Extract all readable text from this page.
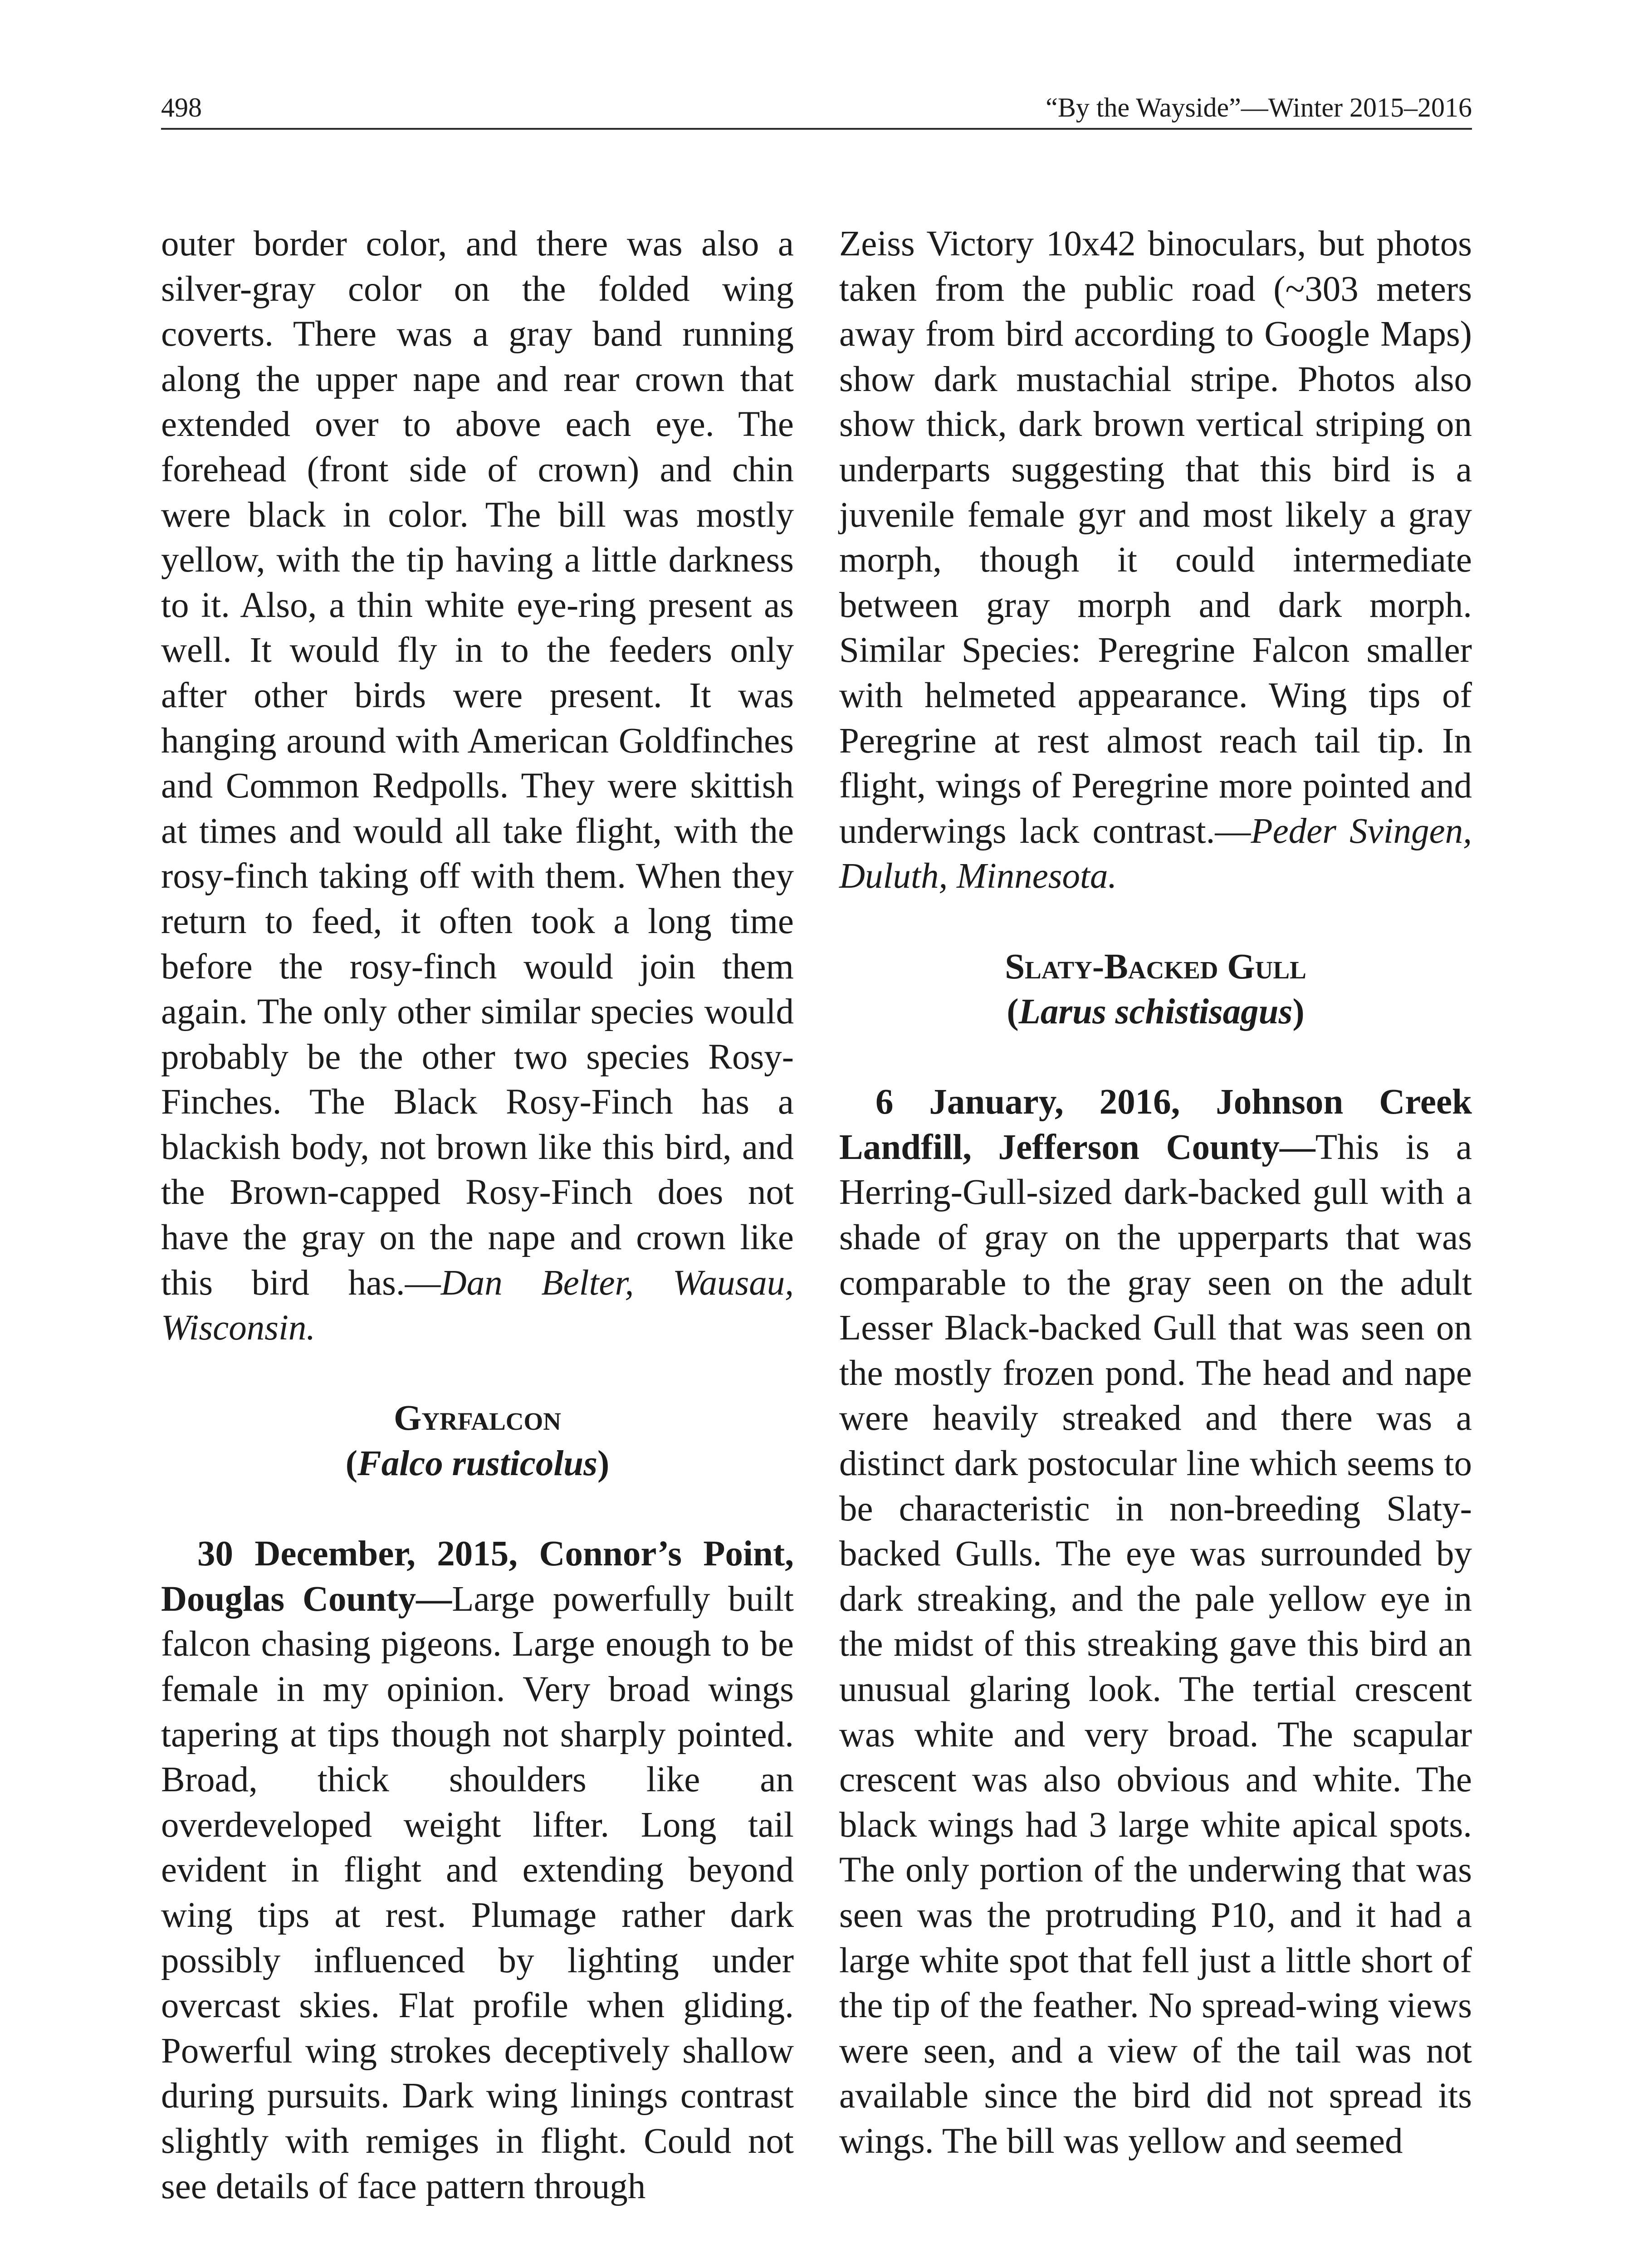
498	“By the Wayside”—Winter 2015–2016

outer border color, and there was also a silver-gray color on the folded wing coverts. There was a gray band running along the upper nape and rear crown that extended over to above each eye. The forehead (front side of crown) and chin were black in color. The bill was mostly yellow, with the tip having a little darkness to it. Also, a thin white eye-ring present as well. It would fly in to the feeders only after other birds were present. It was hanging around with American Goldfinches and Common Redpolls. They were skittish at times and would all take flight, with the rosy-finch taking off with them. When they return to feed, it often took a long time before the rosy-finch would join them again. The only other similar species would probably be the other two species Rosy-Finches. The Black Rosy-Finch has a blackish body, not brown like this bird, and the Brown-capped Rosy-Finch does not have the gray on the nape and crown like this bird has.—Dan Belter, Wausau, Wisconsin.

Gyrfalcon

(Falco rusticolus)

30 December, 2015, Connor’s Point, Douglas County—Large powerfully built falcon chasing pigeons. Large enough to be female in my opinion. Very broad wings tapering at tips though not sharply pointed. Broad, thick shoulders like an overdeveloped weight lifter. Long tail evident in flight and extending beyond wing tips at rest. Plumage rather dark possibly influenced by lighting under overcast skies. Flat profile when gliding. Powerful wing strokes deceptively shallow during pursuits. Dark wing linings contrast slightly with remiges in flight. Could not see details of face pattern through

Zeiss Victory 10x42 binoculars, but photos taken from the public road (~303 meters away from bird according to Google Maps) show dark mustachial stripe. Photos also show thick, dark brown vertical striping on underparts suggesting that this bird is a juvenile female gyr and most likely a gray morph, though it could intermediate between gray morph and dark morph. Similar Species: Peregrine Falcon smaller with helmeted appearance. Wing tips of Peregrine at rest almost reach tail tip. In flight, wings of Peregrine more pointed and underwings lack contrast.—Peder Svingen, Duluth, Minnesota.

Slaty-Backed Gull

(Larus schistisagus)

6 January, 2016, Johnson Creek Landfill, Jefferson County—This is a Herring-Gull-sized dark-backed gull with a shade of gray on the upperparts that was comparable to the gray seen on the adult Lesser Black-backed Gull that was seen on the mostly frozen pond. The head and nape were heavily streaked and there was a distinct dark postocular line which seems to be characteristic in non-breeding Slaty-backed Gulls. The eye was surrounded by dark streaking, and the pale yellow eye in the midst of this streaking gave this bird an unusual glaring look. The tertial crescent was white and very broad. The scapular crescent was also obvious and white. The black wings had 3 large white apical spots. The only portion of the underwing that was seen was the protruding P10, and it had a large white spot that fell just a little short of the tip of the feather. No spread-wing views were seen, and a view of the tail was not available since the bird did not spread its wings. The bill was yellow and seemed
